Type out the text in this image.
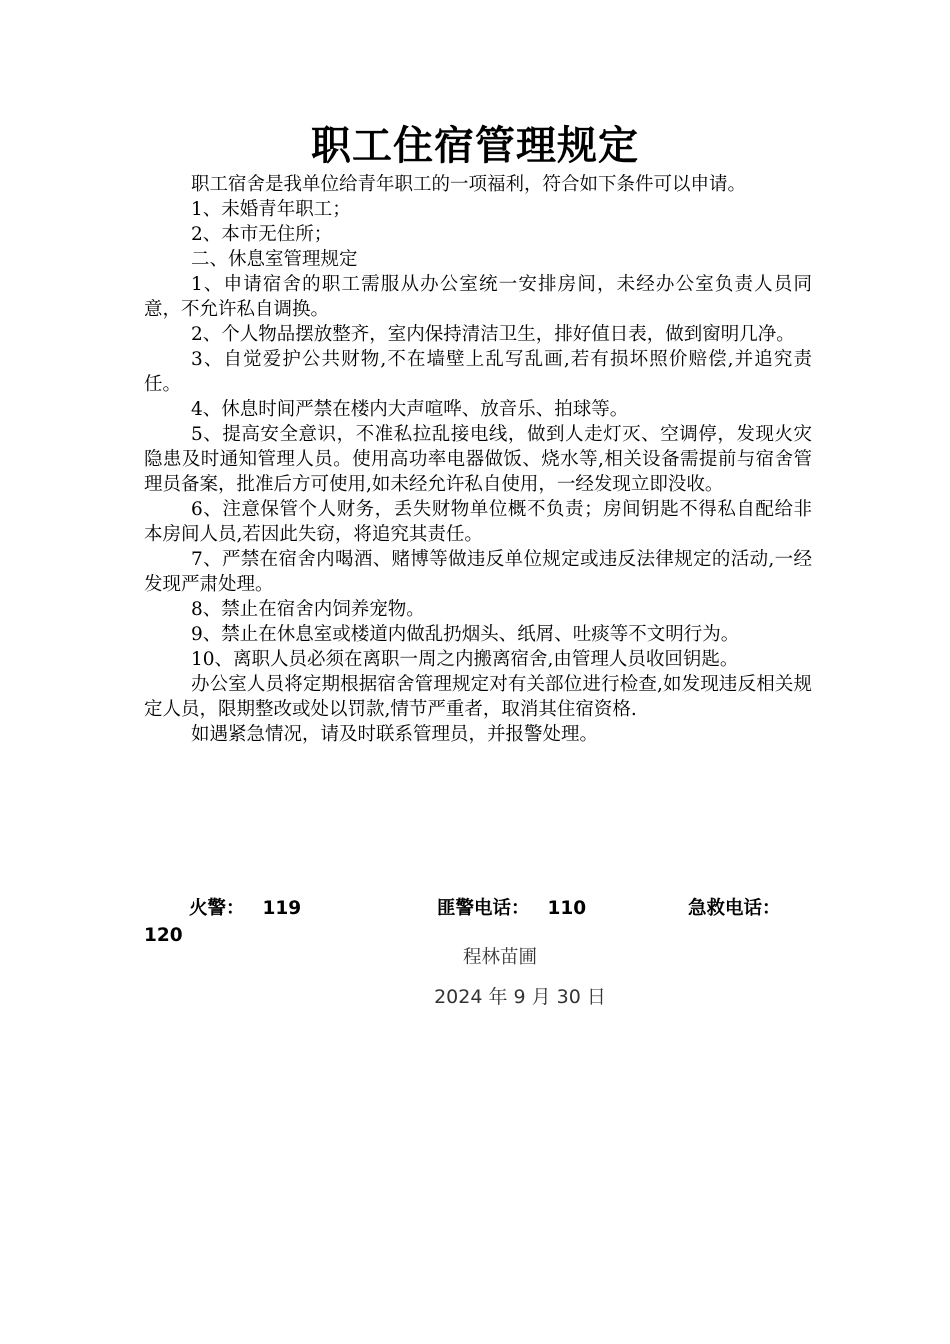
职工住宿管理规定

职工宿舍是我单位给青年职工的一项福利，符合如下条件可以申请。

1、未婚青年职工；

2、本市无住所；

二、休息室管理规定

1、申请宿舍的职工需服从办公室统一安排房间，未经办公室负责人员同意，不允许私自调换。

2、个人物品摆放整齐，室内保持清洁卫生，排好值日表，做到窗明几净。

3、自觉爱护公共财物,不在墙壁上乱写乱画,若有损坏照价赔偿,并追究责任。

4、休息时间严禁在楼内大声喧哗、放音乐、拍球等。

5、提高安全意识，不准私拉乱接电线，做到人走灯灭、空调停，发现火灾隐患及时通知管理人员。使用高功率电器做饭、烧水等,相关设备需提前与宿舍管理员备案，批准后方可使用,如未经允许私自使用，一经发现立即没收。

6、注意保管个人财务，丢失财物单位概不负责；房间钥匙不得私自配给非本房间人员,若因此失窃，将追究其责任。

7、严禁在宿舍内喝酒、赌博等做违反单位规定或违反法律规定的活动,一经发现严肃处理。

8、禁止在宿舍内饲养宠物。

9、禁止在休息室或楼道内做乱扔烟头、纸屑、吐痰等不文明行为。

10、离职人员必须在离职一周之内搬离宿舍,由管理人员收回钥匙。

办公室人员将定期根据宿舍管理规定对有关部位进行检查,如发现违反相关规定人员，限期整改或处以罚款,情节严重者，取消其住宿资格.

如遇紧急情况，请及时联系管理员，并报警处理。

火警： 119	匪警电话： 110	急救电话：
120
程林苗圃
2024 年 9 月 30 日
